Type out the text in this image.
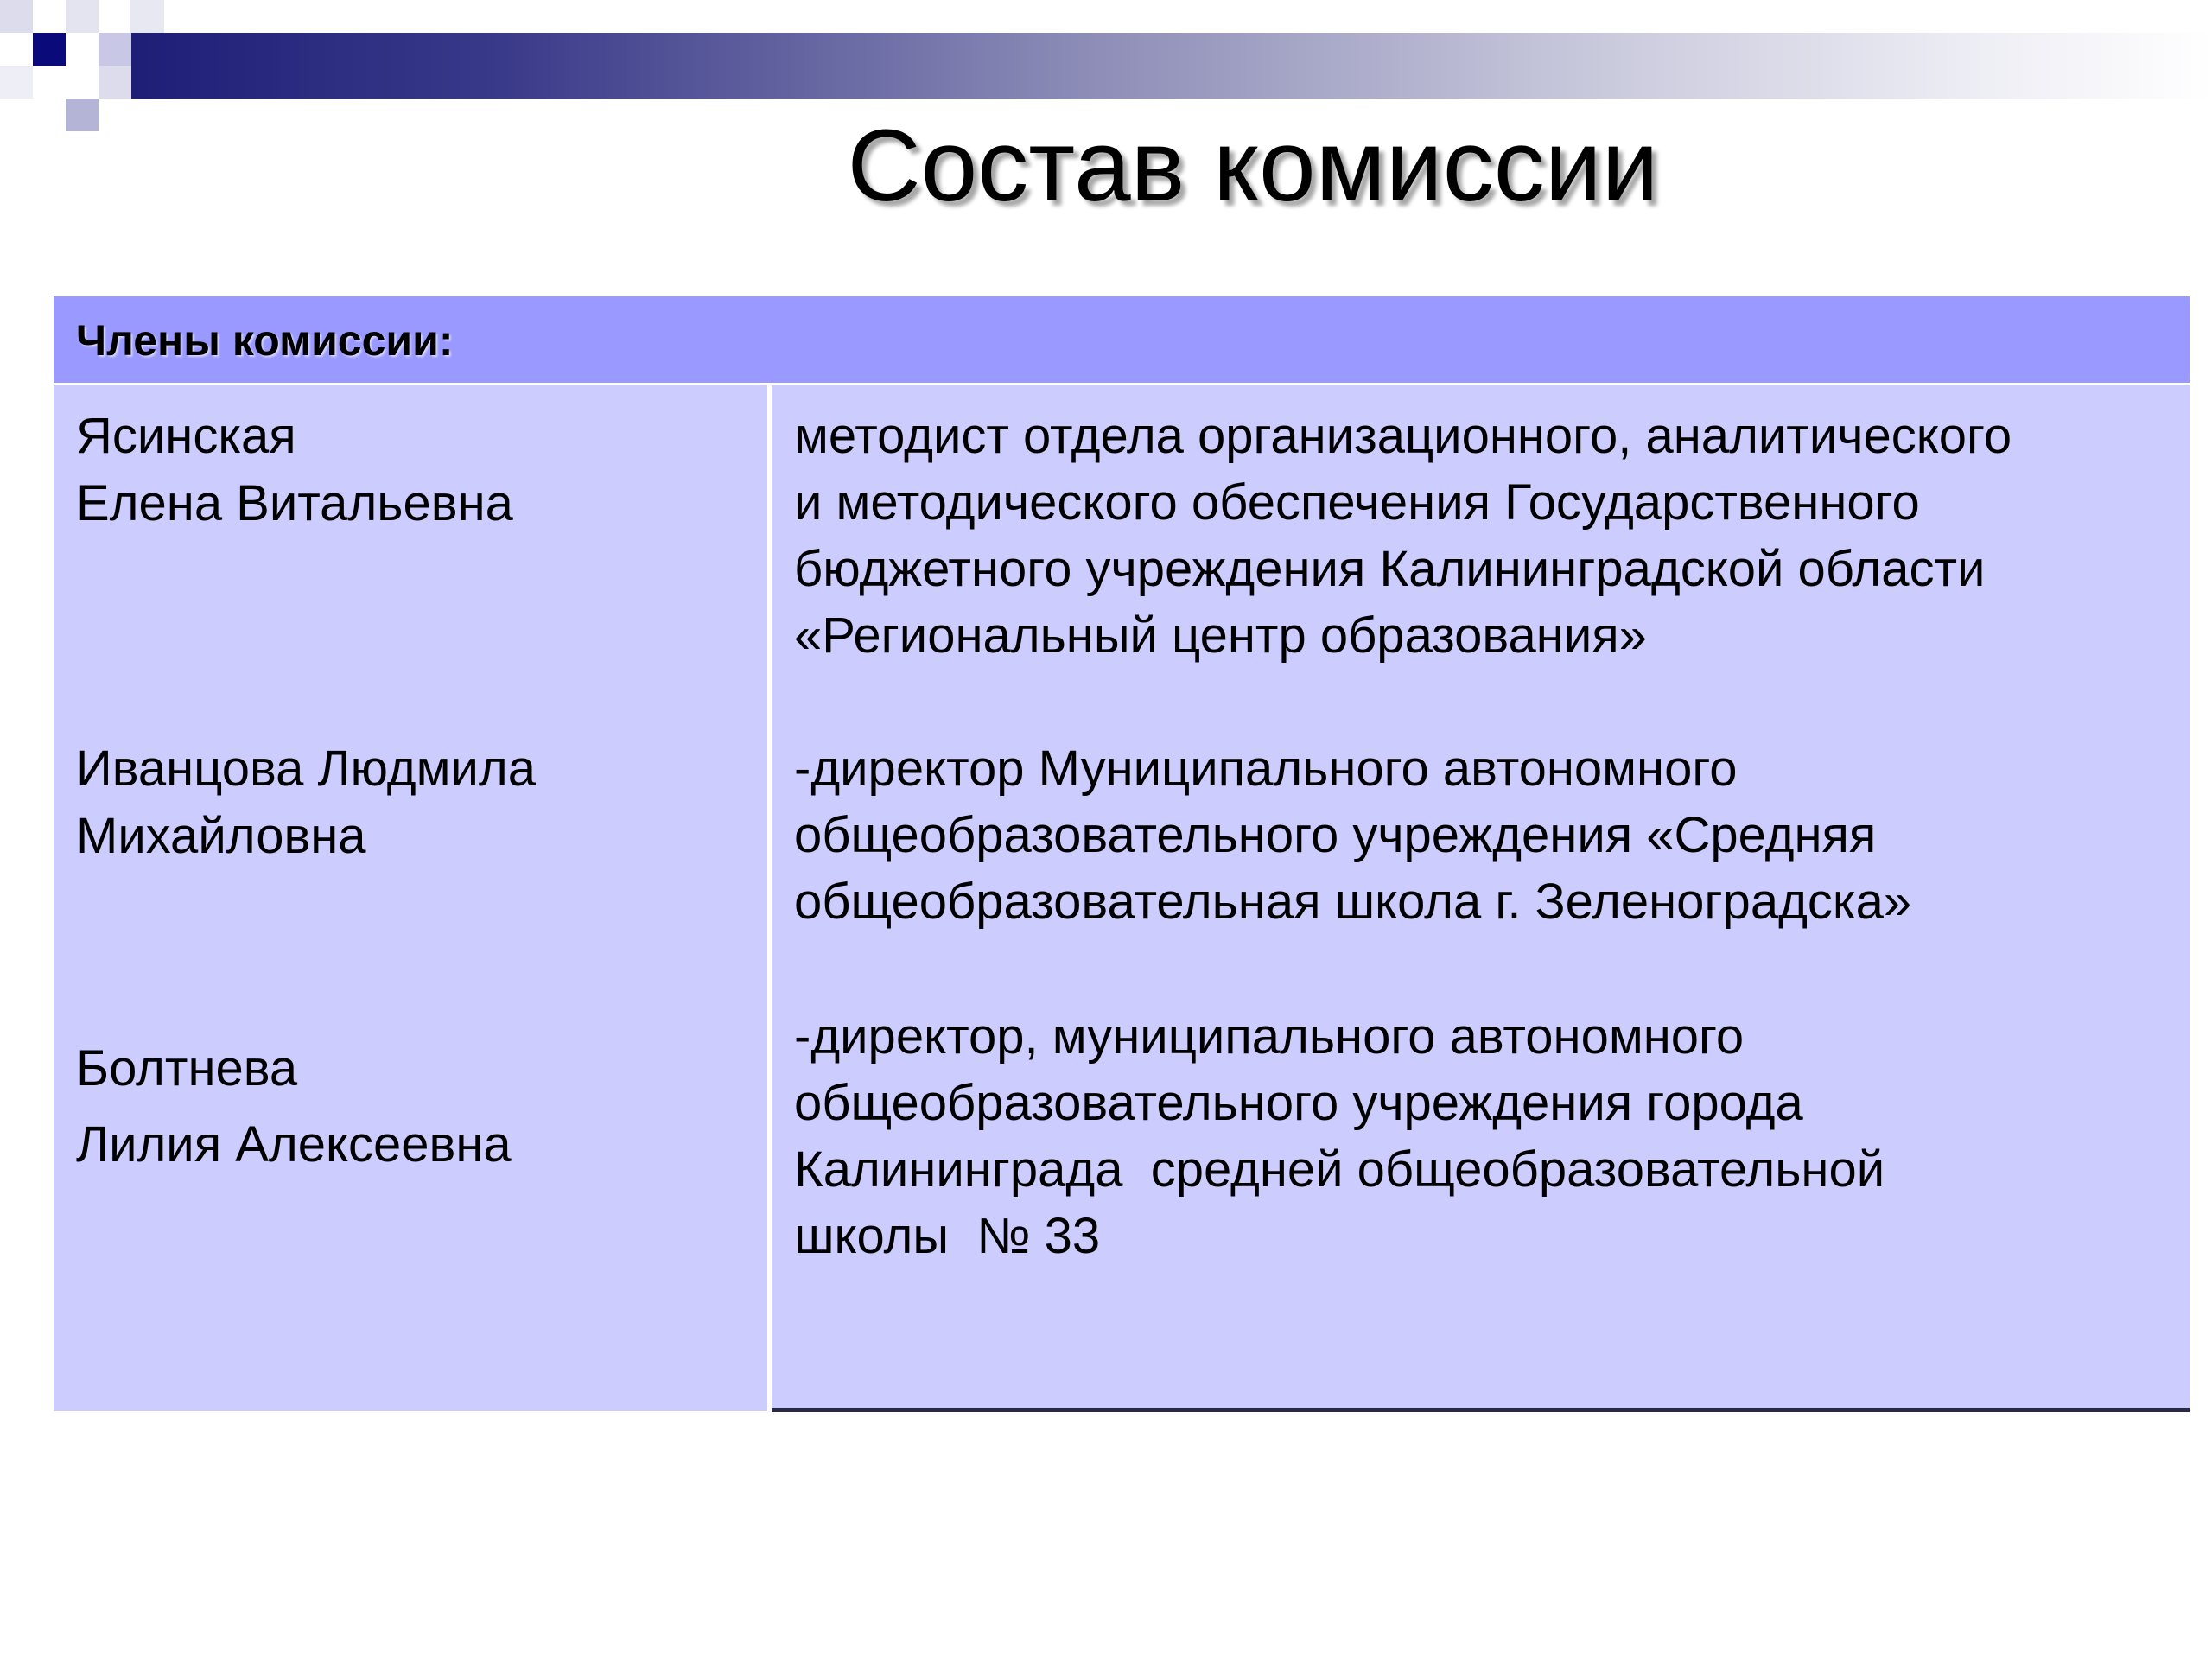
Состав комиссии
Члены комиссии:
Ясинская
Елена Витальевна
Иванцова Людмила
Михайловна
Болтнева
Лилия Алексеевна
методист отдела организационного, аналитического
и методического обеспечения Государственного
бюджетного учреждения Калининградской области
«Региональный центр образования»
-директор Муниципального автономного
общеобразовательного учреждения «Средняя
общеобразовательная школа г. Зеленоградска»
-директор, муниципального автономного
общеобразовательного учреждения города
Калининграда  средней общеобразовательной
школы  № 33
